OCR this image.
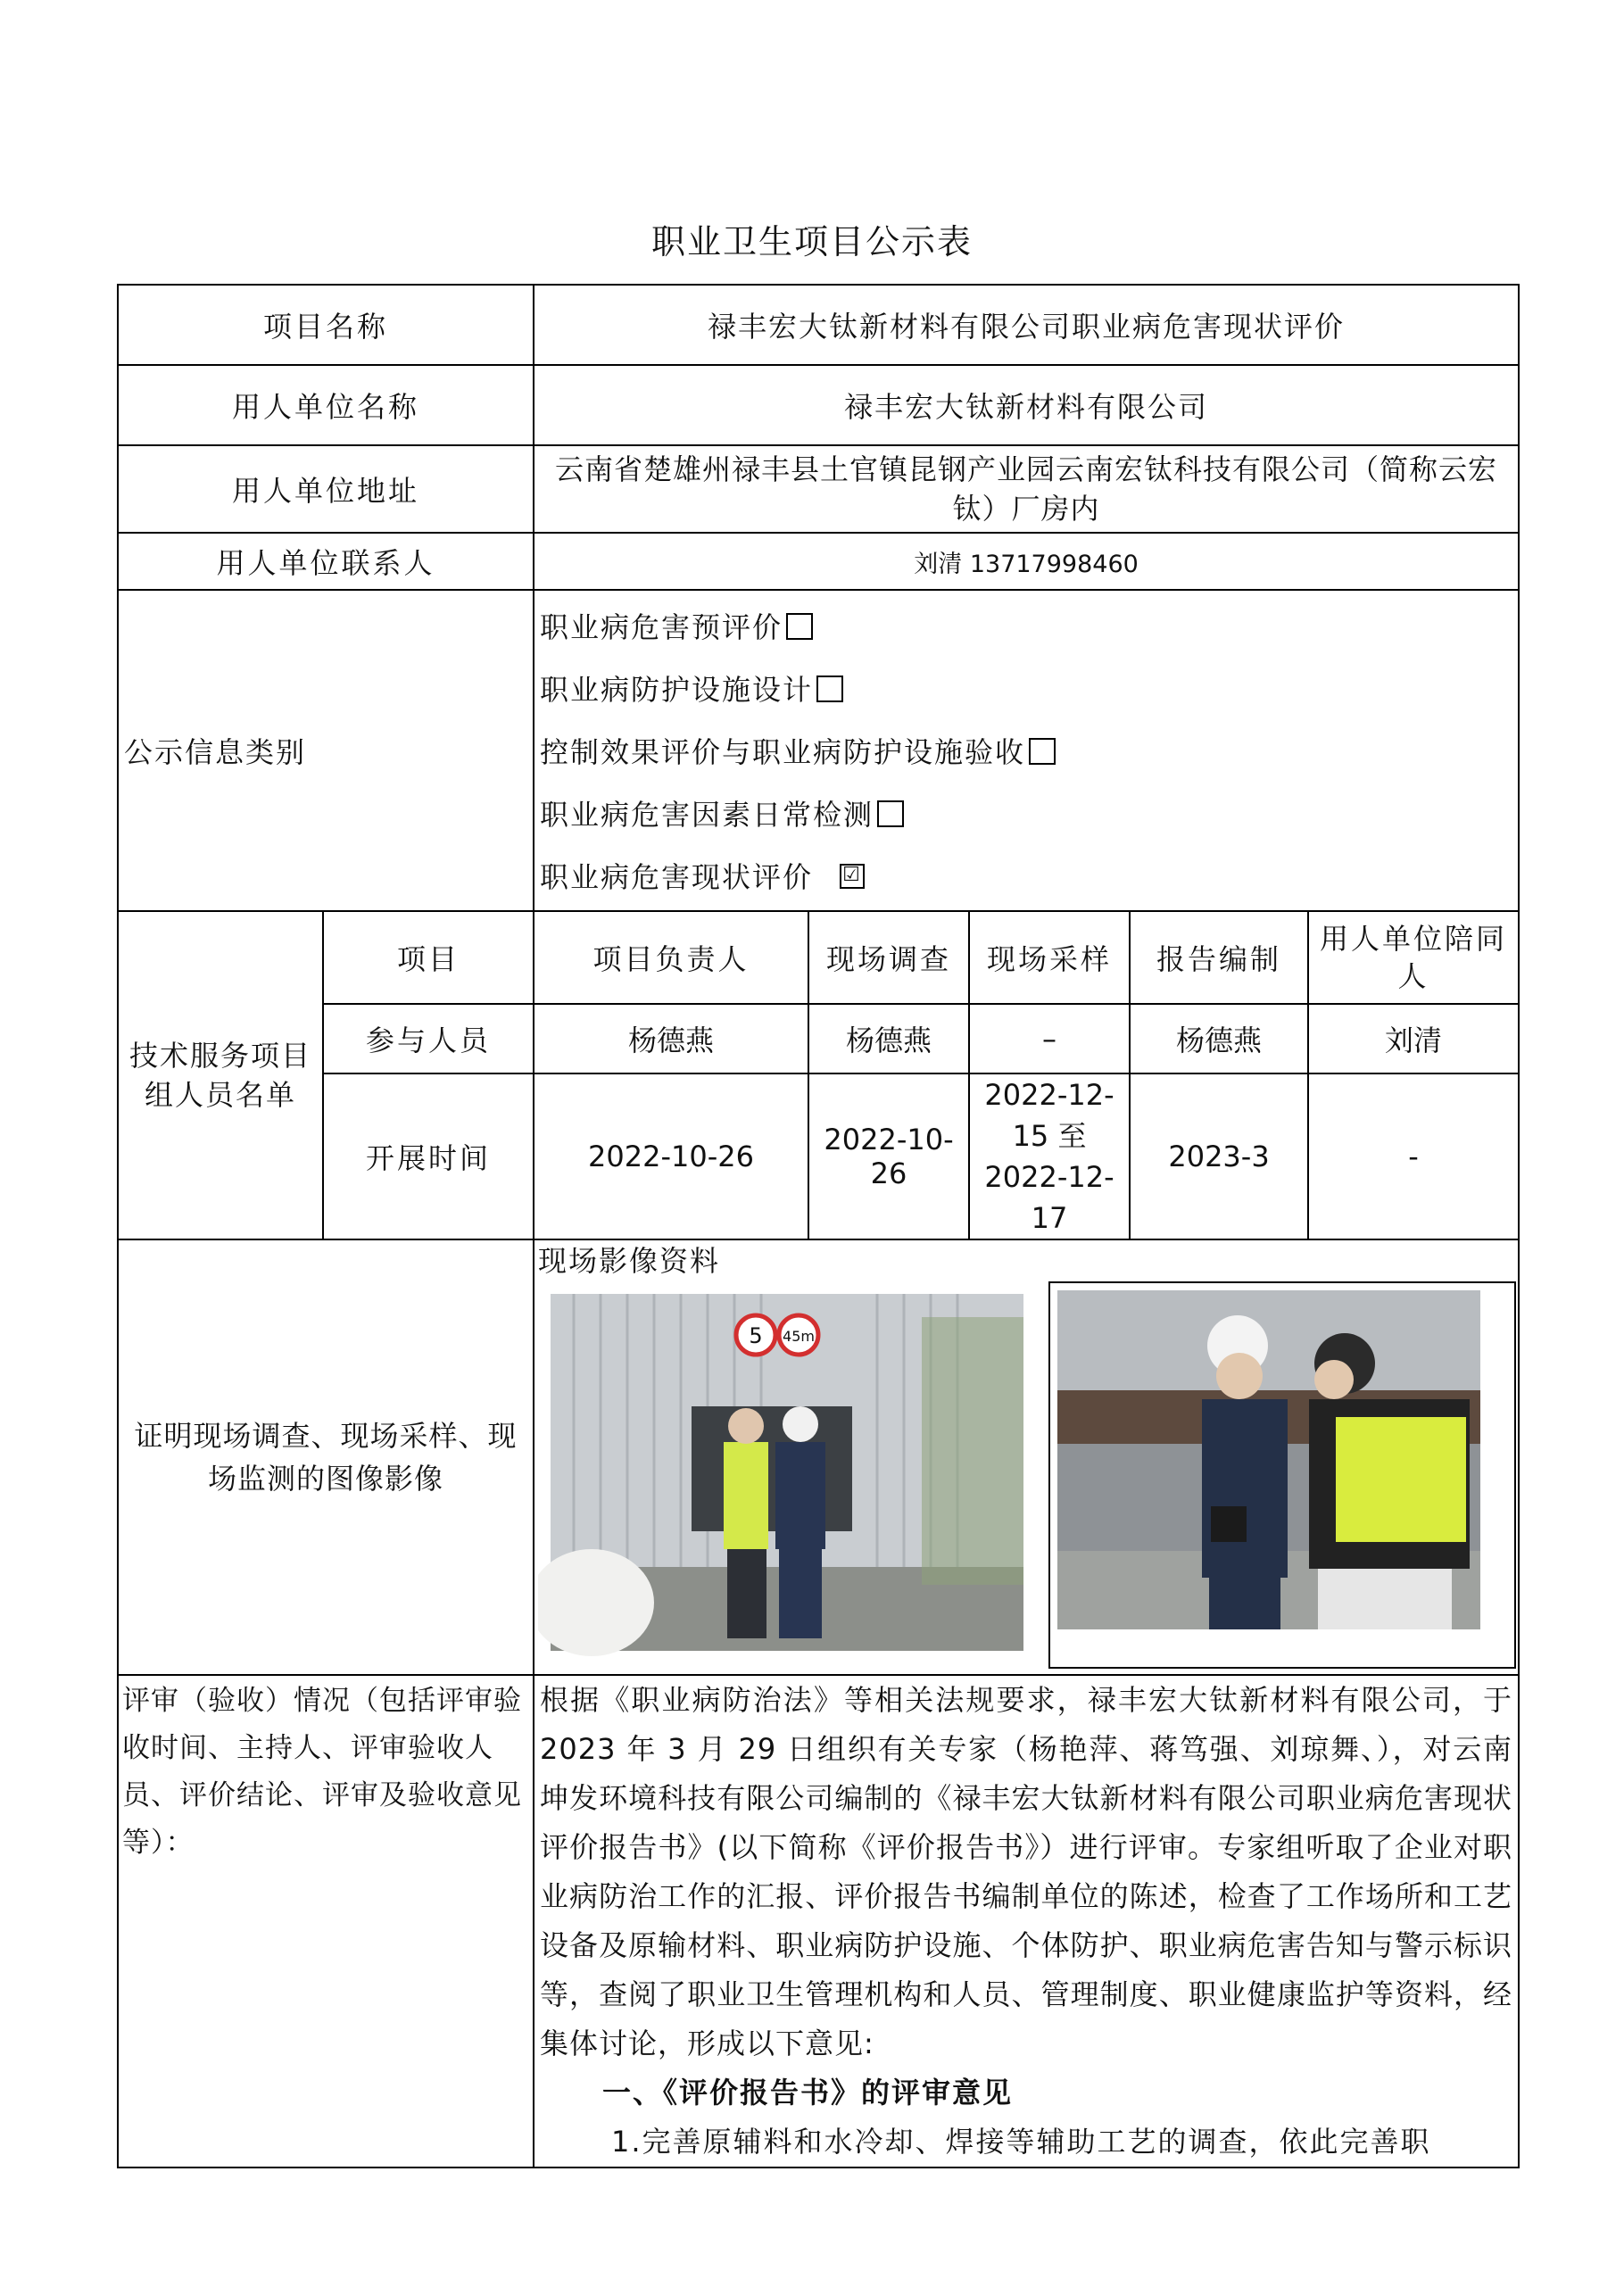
职业卫生项目公示表
项目名称		禄丰宏大钛新材料有限公司职业病危害现状评价				
用人单位名称		禄丰宏大钛新材料有限公司				
用人单位地址		云南省楚雄州禄丰县土官镇昆钢产业园云南宏钛科技有限公司（简称云宏钛）厂房内				
用人单位联系人		刘清 13717998460				
公示信息类别		职业病危害预评价
职业病防护设施设计
控制效果评价与职业病防护设施验收
职业病危害因素日常检测
职业病危害现状评价 ☑				

技术服务项目组人员名单	项目	项目负责人	现场调查	现场采样	报告编制	用人单位陪同人
	参与人员	杨德燕	杨德燕	–	杨德燕	刘清
	开展时间	2022-10-26	2022-10-26	2022-12-15 至 2022-12-17	2023-3	-
证明现场调查、现场采样、现场监测的图像影像		现场影像资料
5 45m				

评审（验收）情况（包括评审验收时间、主持人、评审验收人员、评价结论、评审及验收意见等）：		根据《职业病防治法》等相关法规要求，禄丰宏大钛新材料有限公司，于 2023 年 3 月 29 日组织有关专家（杨艳萍、蒋笃强、刘琼舞、），对云南坤发环境科技有限公司编制的《禄丰宏大钛新材料有限公司职业病危害现状评价报告书》(以下简称《评价报告书》）进行评审。专家组听取了企业对职业病防治工作的汇报、评价报告书编制单位的陈述，检查了工作场所和工艺设备及原输材料、职业病防护设施、个体防护、职业病危害告知与警示标识等，查阅了职业卫生管理机构和人员、管理制度、职业健康监护等资料，经集体讨论，形成以下意见:

一、《评价报告书》的评审意见

1.完善原辅料和水冷却、焊接等辅助工艺的调查，依此完善职				
